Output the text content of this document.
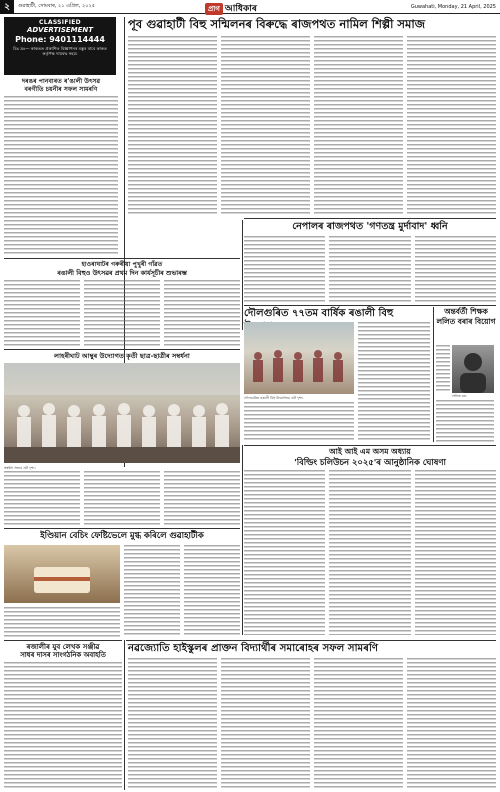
২	গুৱাহাটী, সোমবাৰ, ২১ এপ্ৰিল, ২০২৫	প্ৰাগ আধিকাৰ	Guwahati, Monday, 21 April, 2025
CLASSIFIED
ADVERTISEMENT
Phone: 9401114444
বিঃ দ্ৰঃ— কাকতত প্ৰকাশিত বিজ্ঞাপনৰ বস্তুৰ বাবে কাকত কৰ্তৃপক্ষ দায়বদ্ধ নহয়।
পূব গুৱাহাটী বিহু সন্মিলনৰ বিৰুদ্ধে ৰাজপথত নামিল শিল্পী সমাজ
দৰঙৰ পানবাৰত ৰ'ঙালী উৎসৱ
বৰগীতি চয়নীৰ সফল সামৰণি
হাওৰাঘাটৰ গৰুৰীয়া পুখুৰী গাঁৱত
ৰঙালী বিহুও উৎসৱৰ প্ৰথম দিন কাৰ্যসূচীৰ শুভাৰম্ভ
নেপালৰ ৰাজপথত 'গণতন্ত্ৰ মুৰ্দাবাদ' ধ্বনি
লাহৰীঘাট আম্বুৰ উদ্যোগত কৃতী ছাত্ৰ-ছাত্ৰীৰ সম্বৰ্ধনা
সম্বৰ্ধনা সভাৰ এটা দৃশ্য।
দৌলগুৰিত ৭৭তম বাৰ্ষিক ৰঙালী বিহু
দৌলগুৰিত ৰঙালী বিহু উদযাপনৰ এটা দৃশ্য।
অন্তৰ্বৰ্তী শিক্ষক ললিত বৰাৰ বিয়োগ
ললিত বৰা
ইণ্ডিয়ান বেচিং ফেষ্টিভেলে মুগ্ধ কৰিলে গুৱাহাটীক
আই আই এম অসম অধ্যায়
'বিল্ডিং চলিউচন ২০২৫'ৰ আনুষ্ঠানিক ঘোষণা
ৰজালীৰ যুব লেখক সঞ্জীৱ
সাধৰ দাসৰ সাংগঠনিক অবাহতি
নৱজ্যোতি হাইস্কুলৰ প্ৰাক্তন বিদ্যাৰ্থীৰ সমাৰোহৰ সফল সামৰণি
